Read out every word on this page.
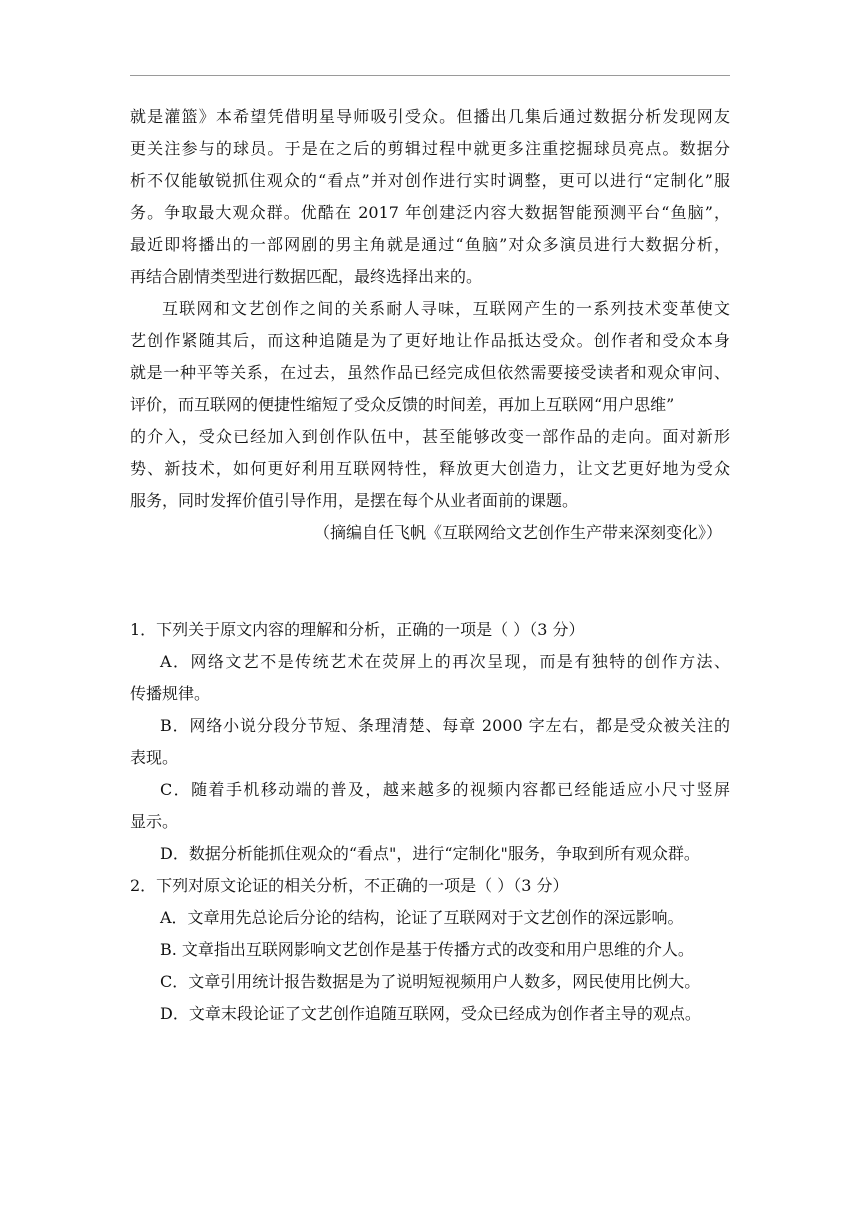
就是灌篮》本希望凭借明星导师吸引受众。但播出几集后通过数据分析发现网友
更关注参与的球员。于是在之后的剪辑过程中就更多注重挖掘球员亮点。数据分
析不仅能敏锐抓住观众的“看点”并对创作进行实时调整，更可以进行“定制化”服
务。争取最大观众群。优酷在 2017 年创建泛内容大数据智能预测平台“鱼脑”，
最近即将播出的一部网剧的男主角就是通过“鱼脑”对众多演员进行大数据分析，
再结合剧情类型进行数据匹配，最终选择出来的。
互联网和文艺创作之间的关系耐人寻味，互联网产生的一系列技术变革使文
艺创作紧随其后，而这种追随是为了更好地让作品抵达受众。创作者和受众本身
就是一种平等关系，在过去，虽然作品已经完成但依然需要接受读者和观众审问、
评价，而互联网的便捷性缩短了受众反馈的时间差，再加上互联网“用户思维”
的介入，受众已经加入到创作队伍中，甚至能够改变一部作品的走向。面对新形
势、新技术，如何更好利用互联网特性，释放更大创造力，让文艺更好地为受众
服务，同时发挥价值引导作用，是摆在每个从业者面前的课题。
（摘编自任飞帆《互联网给文艺创作生产带来深刻变化》）
1．下列关于原文内容的理解和分析，正确的一项是（ ）（3 分）
A．网络文艺不是传统艺术在荧屏上的再次呈现，而是有独特的创作方法、
传播规律。
B．网络小说分段分节短、条理清楚、每章 2000 字左右，都是受众被关注的
表现。
C．随着手机移动端的普及，越来越多的视频内容都已经能适应小尺寸竖屏
显示。
D．数据分析能抓住观众的“看点"，进行“定制化"服务，争取到所有观众群。
2．下列对原文论证的相关分析，不正确的一项是（ ）（3 分）
A．文章用先总论后分论的结构，论证了互联网对于文艺创作的深远影响。
B. 文章指出互联网影响文艺创作是基于传播方式的改变和用户思维的介人。
C．文章引用统计报告数据是为了说明短视频用户人数多，网民使用比例大。
D．文章末段论证了文艺创作追随互联网，受众已经成为创作者主导的观点。
